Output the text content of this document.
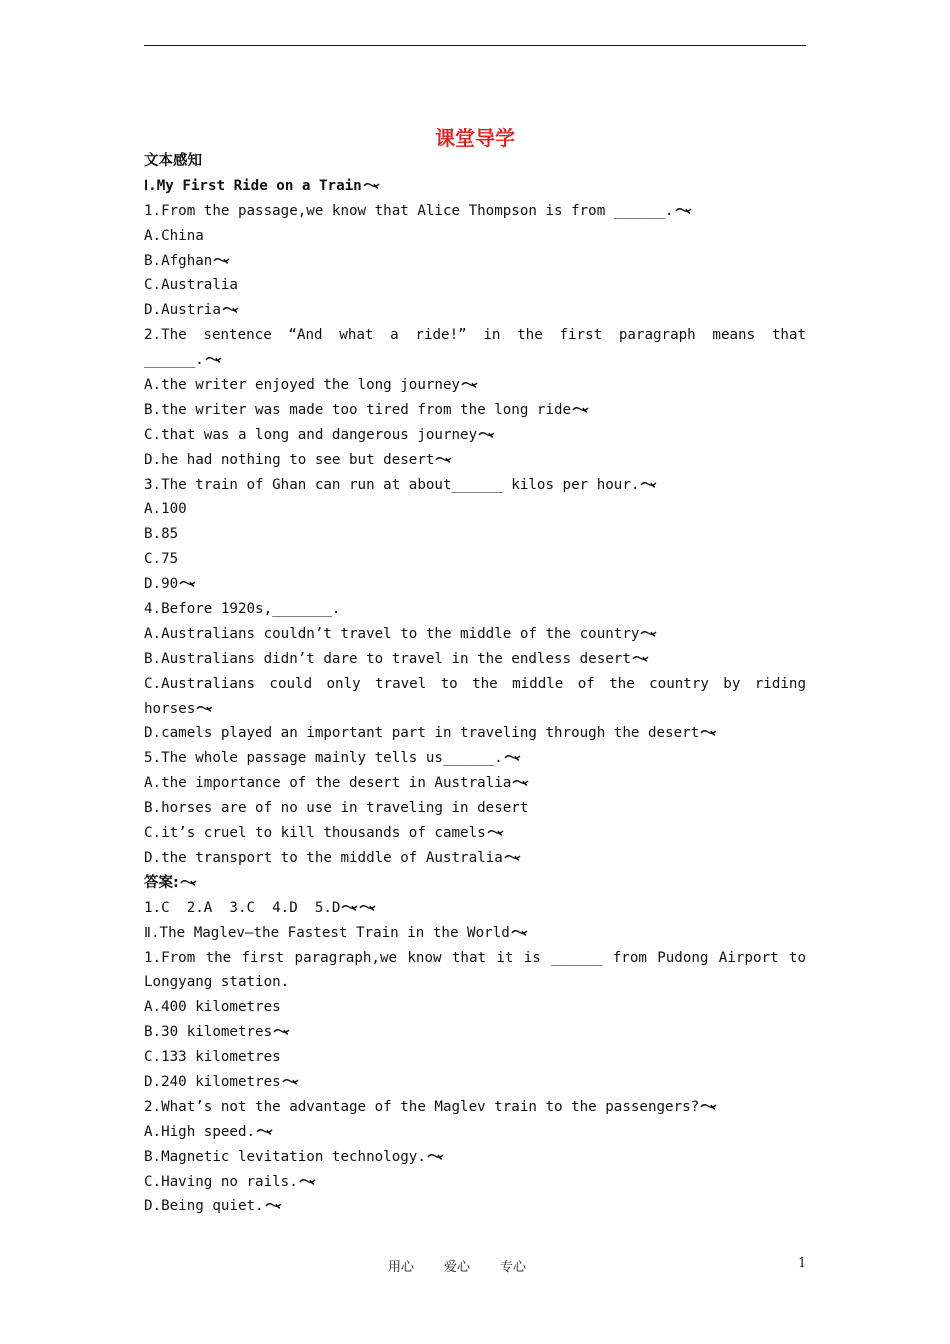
课堂导学
文本感知
Ⅰ.My First Ride on a Train
1.From the passage,we know that Alice Thompson is from ______.
A.China
B.Afghan
C.Australia
D.Austria
2.The sentence “And what a ride!” in the first paragraph means that
______.
A.the writer enjoyed the long journey
B.the writer was made too tired from the long ride
C.that was a long and dangerous journey
D.he had nothing to see but desert
3.The train of Ghan can run at about______ kilos per hour.
A.100
B.85
C.75
D.90
4.Before 1920s,_______.
A.Australians couldn’t travel to the middle of the country
B.Australians didn’t dare to travel in the endless desert
C.Australians could only travel to the middle of the country by riding
horses
D.camels played an important part in traveling through the desert
5.The whole passage mainly tells us______.
A.the importance of the desert in Australia
B.horses are of no use in traveling in desert
C.it’s cruel to kill thousands of camels
D.the transport to the middle of Australia
答案:
1.C  2.A  3.C  4.D  5.D
Ⅱ.The Maglev—the Fastest Train in the World
1.From the first paragraph,we know that it is ______ from Pudong Airport to
Longyang station.
A.400 kilometres
B.30 kilometres
C.133 kilometres
D.240 kilometres
2.What’s not the advantage of the Maglev train to the passengers?
A.High speed.
B.Magnetic levitation technology.
C.Having no rails.
D.Being quiet.
用心 爱心 专心	1
